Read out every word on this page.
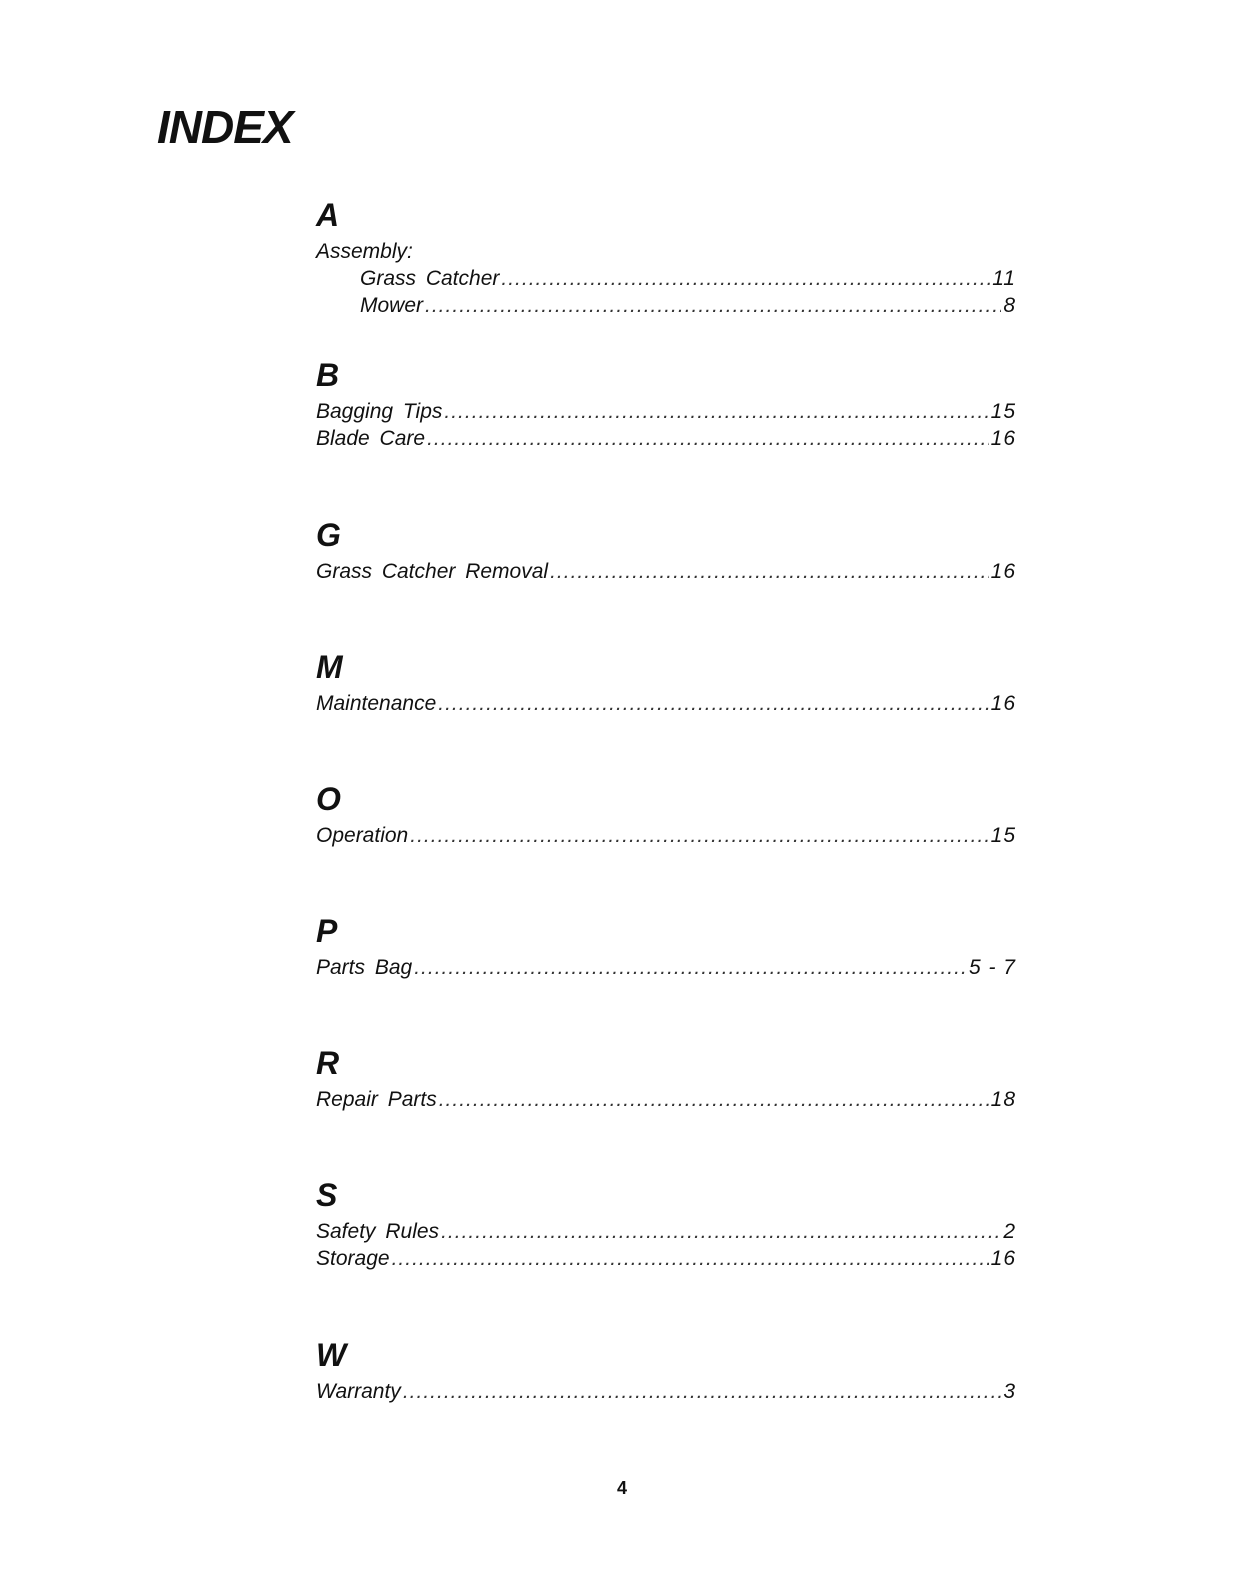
INDEX
A
Assembly:
Grass Catcher .....	11
Mower .....	8
B
Bagging Tips .....	15
Blade Care .....	16
G
Grass Catcher Removal .....	16
M
Maintenance .....	16
O
Operation .....	15
P
Parts Bag .....	5 - 7
R
Repair Parts .....	18
S
Safety Rules .....	2
Storage .....	16
W
Warranty .....	3
4
